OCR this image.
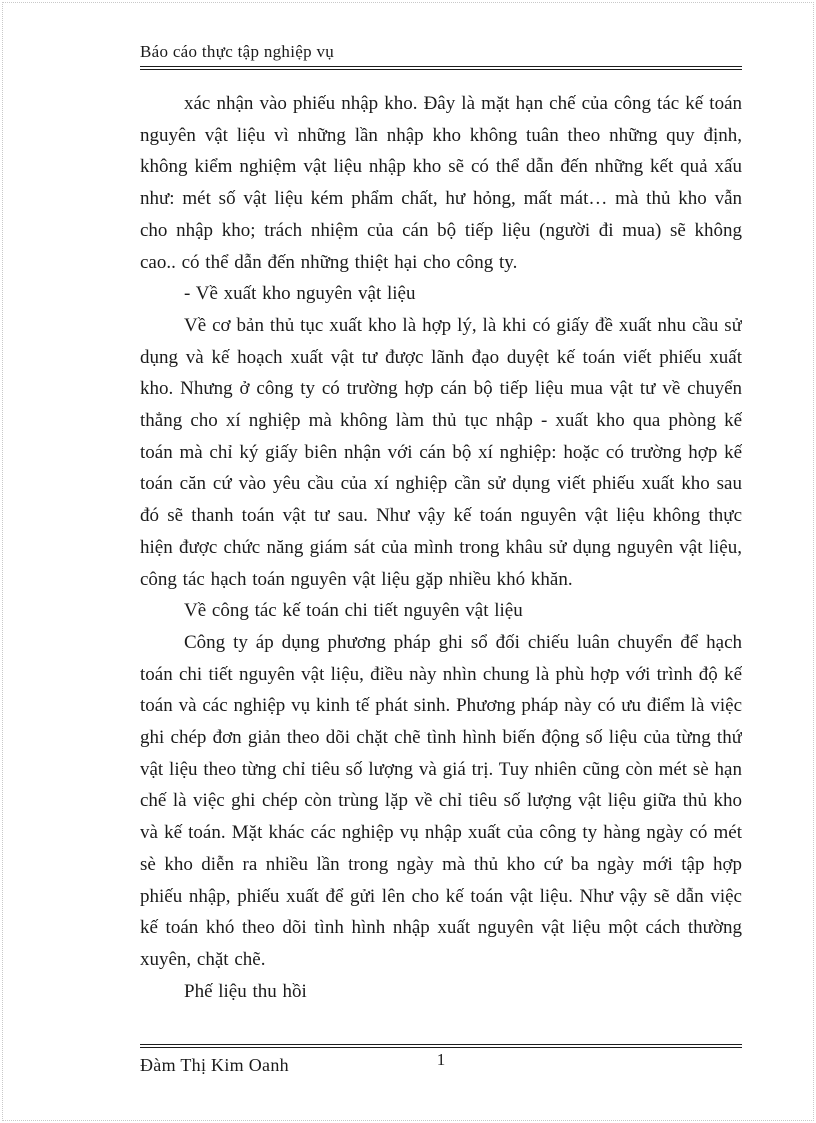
Báo cáo thực tập nghiệp vụ

xác nhận vào phiếu nhập kho. Đây là mặt hạn chế của công tác kế toán nguyên vật liệu vì những lần nhập kho không tuân theo những quy định, không kiểm nghiệm vật liệu nhập kho sẽ có thể dẫn đến những kết quả xấu như: mét số vật liệu kém phẩm chất, hư hỏng, mất mát… mà thủ kho vẫn cho nhập kho; trách nhiệm của cán bộ tiếp liệu (người đi mua) sẽ không cao.. có thể dẫn đến những thiệt hại cho công ty.

- Về xuất kho nguyên vật liệu

Về cơ bản thủ tục xuất kho là hợp lý, là khi có giấy đề xuất nhu cầu sử dụng và kế hoạch xuất vật tư được lãnh đạo duyệt kế toán viết phiếu xuất kho. Nhưng ở công ty có trường hợp cán bộ tiếp liệu mua vật tư về chuyển thẳng cho xí nghiệp mà không làm thủ tục nhập - xuất kho qua phòng kế toán mà chỉ ký giấy biên nhận với cán bộ xí nghiệp: hoặc có trường hợp kế toán căn cứ vào yêu cầu của xí nghiệp cần sử dụng viết phiếu xuất kho sau đó sẽ thanh toán vật tư sau. Như vậy kế toán nguyên vật liệu không thực hiện được chức năng giám sát của mình trong khâu sử dụng nguyên vật liệu, công tác hạch toán nguyên vật liệu gặp nhiều khó khăn.

Về công tác kế toán chi tiết nguyên vật liệu

Công ty áp dụng phương pháp ghi sổ đối chiếu luân chuyển để hạch toán chi tiết nguyên vật liệu, điều này nhìn chung là phù hợp với trình độ kế toán và các nghiệp vụ kinh tế phát sinh. Phương pháp này có ưu điểm là việc ghi chép đơn giản theo dõi chặt chẽ tình hình biến động số liệu của từng thứ vật liệu theo từng chỉ tiêu số lượng và giá trị. Tuy nhiên cũng còn mét sè hạn chế là việc ghi chép còn trùng lặp về chỉ tiêu số lượng vật liệu giữa thủ kho và kế toán. Mặt khác các nghiệp vụ nhập xuất của công ty hàng ngày có mét sè kho diễn ra nhiều lần trong ngày mà thủ kho cứ ba ngày mới tập hợp phiếu nhập, phiếu xuất để gửi lên cho kế toán vật liệu. Như vậy sẽ dẫn việc kế toán khó theo dõi tình hình nhập xuất nguyên vật liệu một cách thường xuyên, chặt chẽ.

Phế liệu thu hồi

Đàm Thị Kim Oanh	1
